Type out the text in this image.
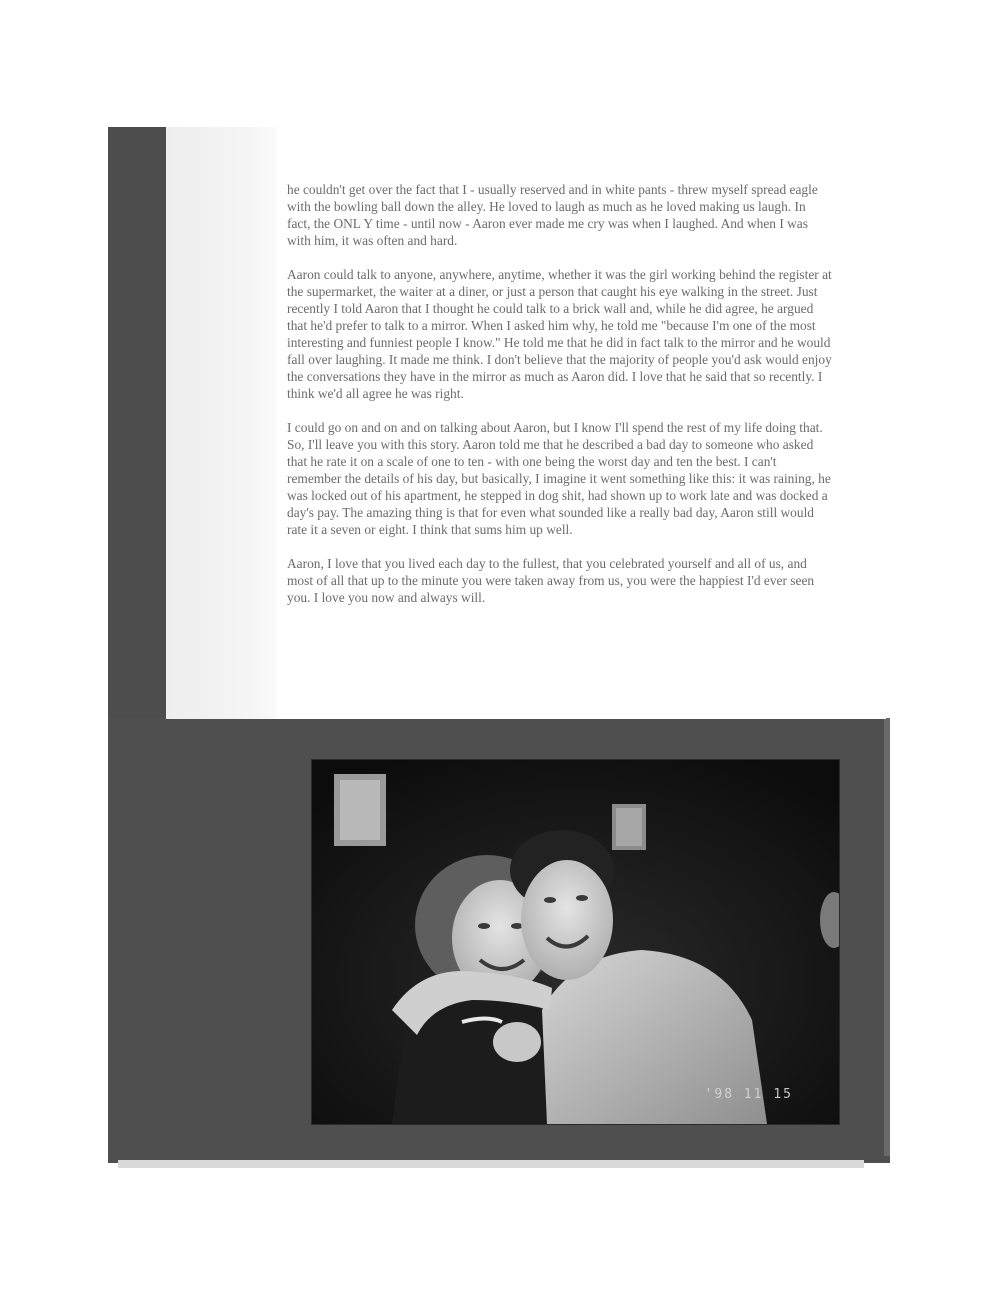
he couldn't get over the fact that I - usually reserved and in white pants - threw myself spread eagle with the bowling ball down the alley. He loved to laugh as much as he loved making us laugh. In fact, the ONL Y time - until now - Aaron ever made me cry was when I laughed. And when I was with him, it was often and hard.

Aaron could talk to anyone, anywhere, anytime, whether it was the girl working behind the register at the supermarket, the waiter at a diner, or just a person that caught his eye walking in the street. Just recently I told Aaron that I thought he could talk to a brick wall and, while he did agree, he argued that he'd prefer to talk to a mirror. When I asked him why, he told me "because I'm one of the most interesting and funniest people I know." He told me that he did in fact talk to the mirror and he would fall over laughing. It made me think. I don't believe that the majority of people you'd ask would enjoy the conversations they have in the mirror as much as Aaron did. I love that he said that so recently. I think we'd all agree he was right.

I could go on and on and on talking about Aaron, but I know I'll spend the rest of my life doing that. So, I'll leave you with this story. Aaron told me that he described a bad day to someone who asked that he rate it on a scale of one to ten - with one being the worst day and ten the best. I can't remember the details of his day, but basically, I imagine it went something like this: it was raining, he was locked out of his apartment, he stepped in dog shit, had shown up to work late and was docked a day's pay. The amazing thing is that for even what sounded like a really bad day, Aaron still would rate it a seven or eight. I think that sums him up well.

Aaron, I love that you lived each day to the fullest, that you celebrated yourself and all of us, and most of all that up to the minute you were taken away from us, you were the happiest I'd ever seen you. I love you now and always will.

'98 11 15
